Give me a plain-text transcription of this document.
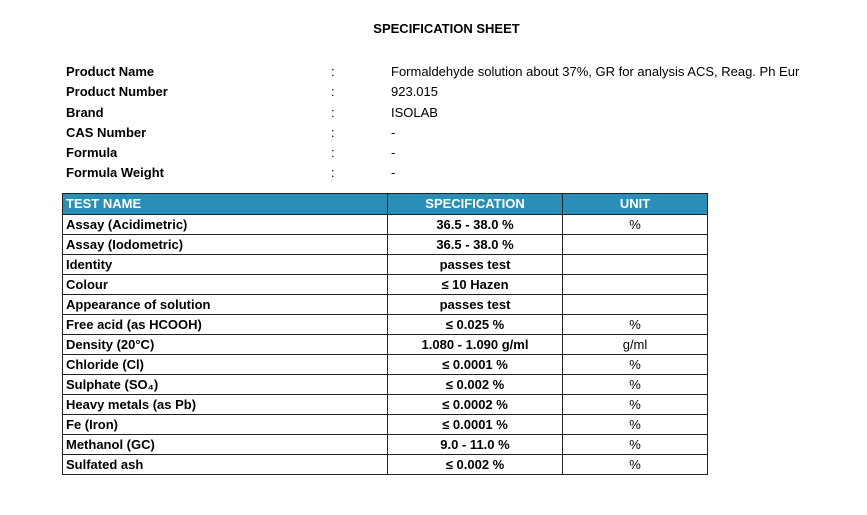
SPECIFICATION SHEET
Product Name	:	Formaldehyde solution about 37%, GR for analysis ACS, Reag. Ph Eur
Product Number	:	923.015
Brand	:	ISOLAB
CAS Number	:	-
Formula	:	-
Formula Weight	:	-
TEST NAME	SPECIFICATION	UNIT
Assay (Acidimetric)	36.5 - 38.0 %	%
Assay (Iodometric)	36.5 - 38.0 %	
Identity	passes test	
Colour	≤ 10 Hazen	
Appearance of solution	passes test	
Free acid (as HCOOH)	≤ 0.025 %	%
Density (20°C)	1.080 - 1.090 g/ml	g/ml
Chloride (Cl)	≤ 0.0001 %	%
Sulphate (SO₄)	≤ 0.002 %	%
Heavy metals (as Pb)	≤ 0.0002 %	%
Fe (Iron)	≤ 0.0001 %	%
Methanol (GC)	9.0 - 11.0 %	%
Sulfated ash	≤ 0.002 %	%
